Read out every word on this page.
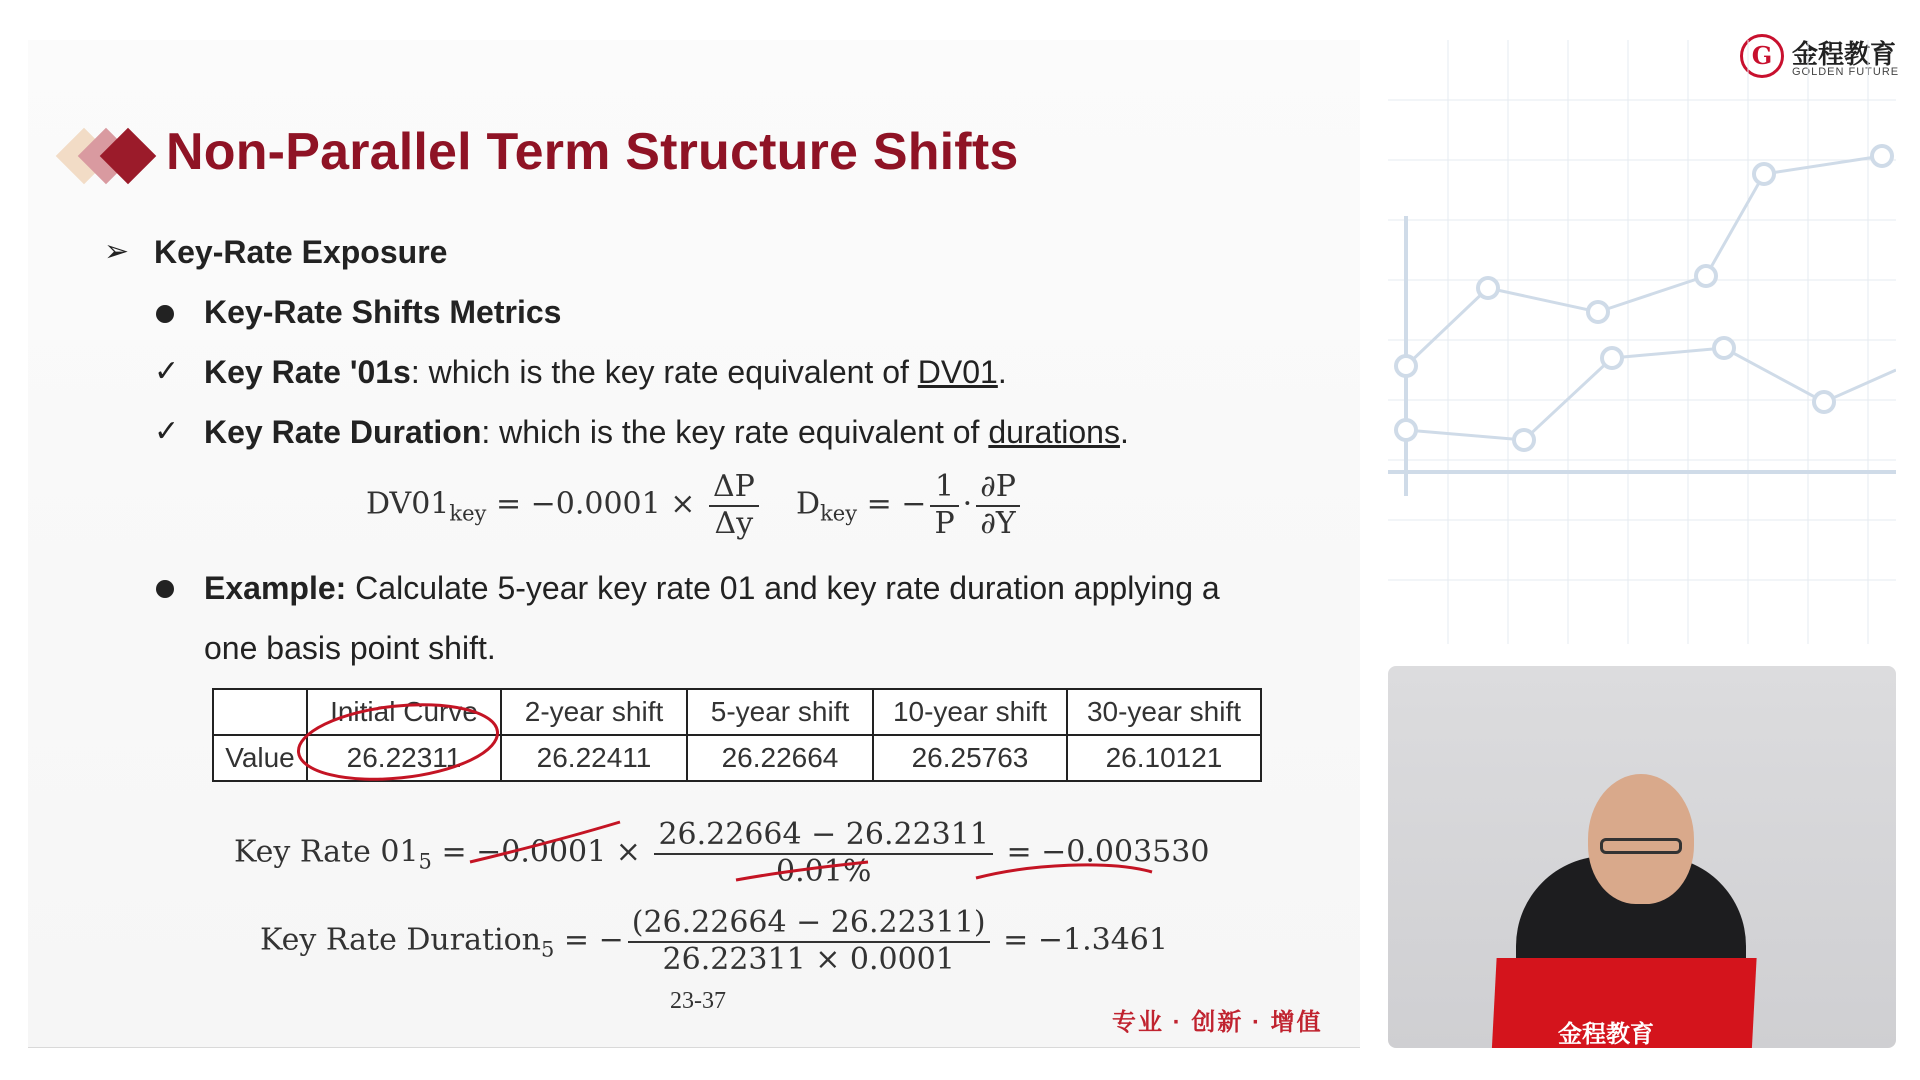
Non-Parallel Term Structure Shifts
➢ Key-Rate Exposure
Key-Rate Shifts Metrics
✓ Key Rate '01s: which is the key rate equivalent of DV01.
✓ Key Rate Duration: which is the key rate equivalent of durations.
$DV01_{key} = -0.0001 \times \frac{\Delta P}{\Delta y} D_{key}$ = − $\frac{1}{P} \cdot \frac{\partial P}{\partial Y}$
Example: Calculate 5-year key rate 01 and key rate duration applying a
one basis point shift.
	Initial Curve	2-year shift	5-year shift	10-year shift	30-year shift
Value	26.22311	26.22411	26.22664	26.25763	26.10121
Key Rate $01_5 = -0.0001 \times \frac{26.22664 - 26.22311}{0.01\%} = -0.003530$
Key Rate Duration$_5$ = − $\frac{(26.22664 - 26.22311)}{26.22311 \times 0.0001} = -1.3461$
23-37
专业 · 创新 · 增值
G 金程教育
GOLDEN FUTURE
金程教育
